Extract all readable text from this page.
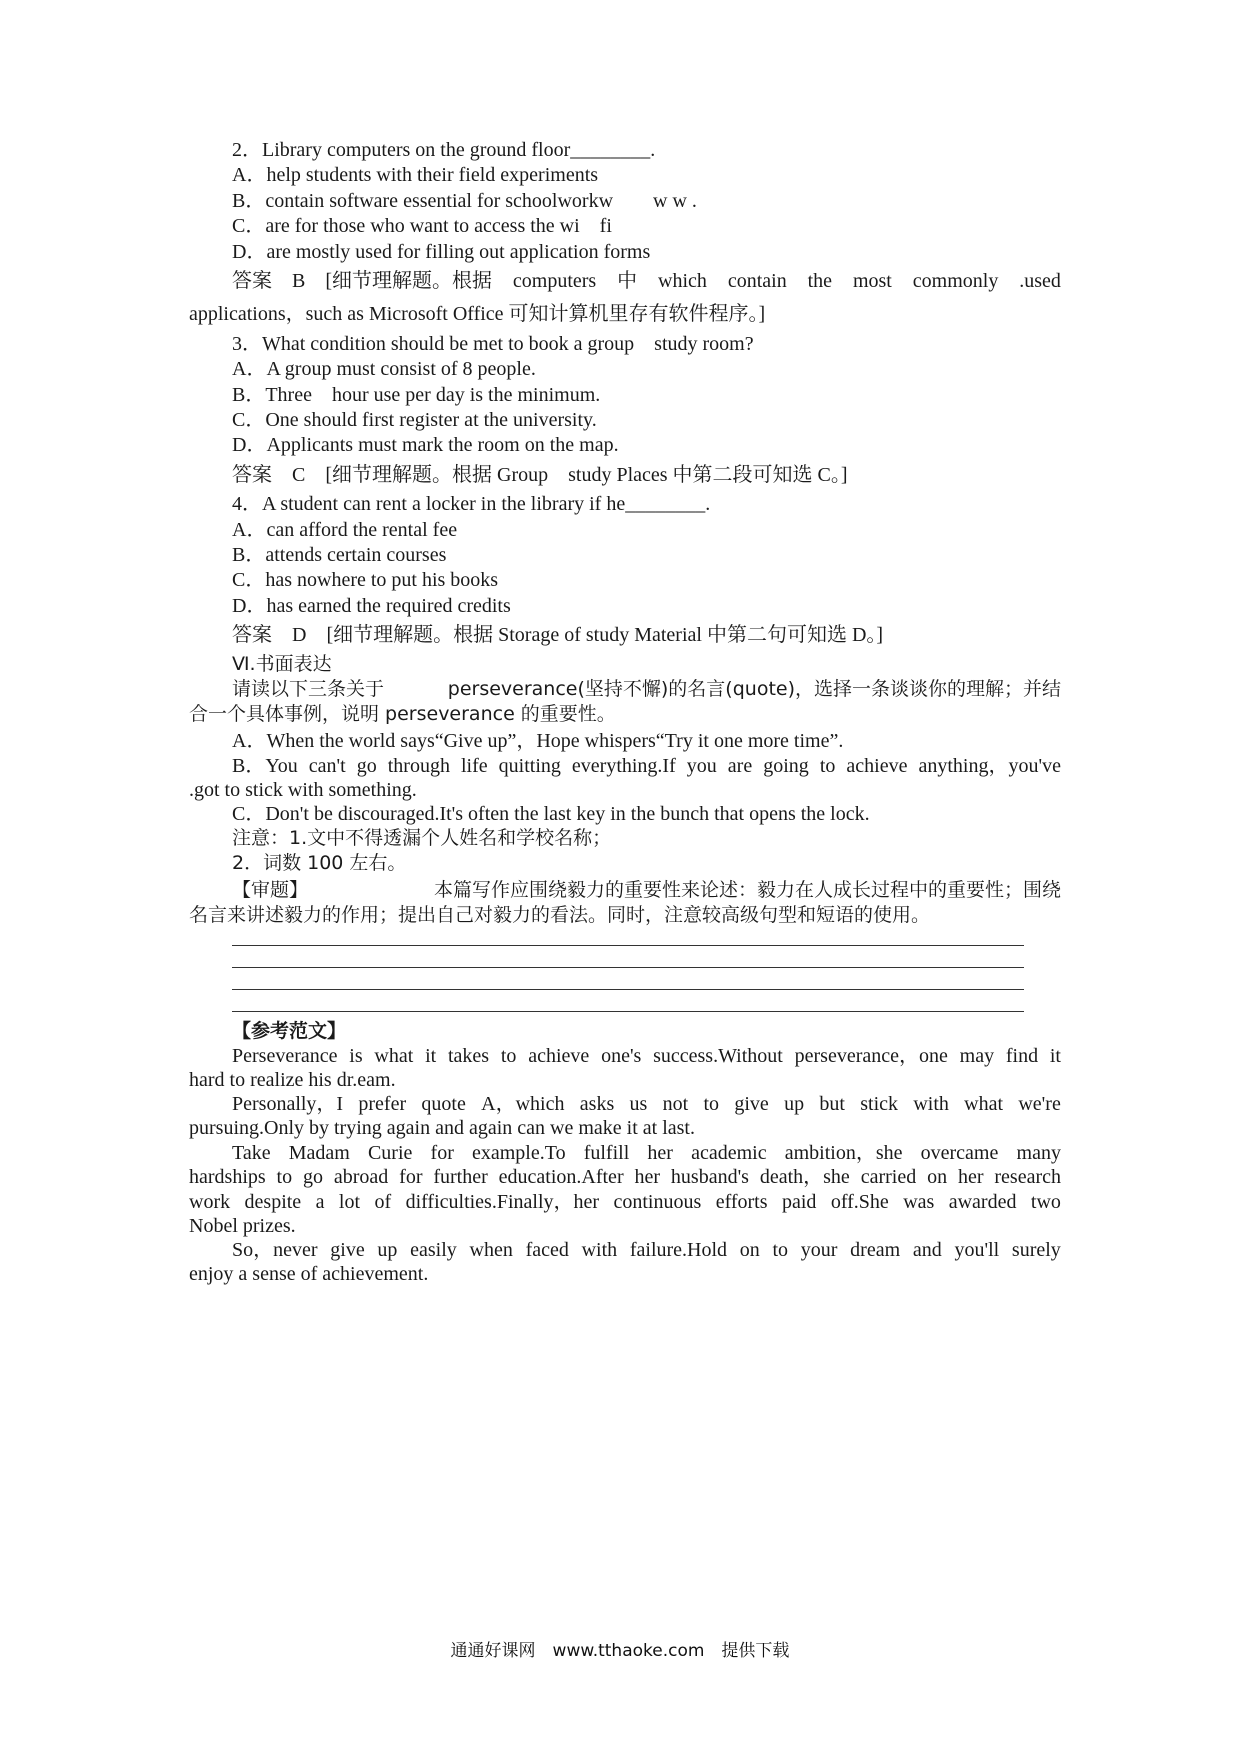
2．Library computers on the ground floor________.
A．help students with their field experiments
B．contain software essential for schoolworkw　　w w .
C．are for those who want to access the wi　fi
D．are mostly used for filling out application forms
答案　B　[细节理解题。根据 computers 中 which contain the most commonly .used
applications，such as Microsoft Office 可知计算机里存有软件程序。]
3．What condition should be met to book a group　study room?
A．A group must consist of 8 people.
B．Three　hour use per day is the minimum.
C．One should first register at the university.
D．Applicants must mark the room on the map.
答案　C　[细节理解题。根据 Group　study Places 中第二段可知选 C。]
4．A student can rent a locker in the library if he________.
A．can afford the rental fee
B．attends certain courses
C．has nowhere to put his books
D．has earned the required credits
答案　D　[细节理解题。根据 Storage of study Material 中第二句可知选 D。]
Ⅵ.书面表达
请读以下三条关于	perseverance(坚持不懈)的名言(quote)，选择一条谈谈你的理解；并结
合一个具体事例，说明 perseverance 的重要性。
A．When the world says“Give up”，Hope whispers“Try it one more time”.
B．You can't go through life quitting everything.If you are going to achieve anything，you've
.got to stick with something.
C．Don't be discouraged.It's often the last key in the bunch that opens the lock.
注意：1.文中不得透漏个人姓名和学校名称；
2．词数 100 左右。
【审题】	本篇写作应围绕毅力的重要性来论述：毅力在人成长过程中的重要性；围绕
名言来讲述毅力的作用；提出自己对毅力的看法。同时，注意较高级句型和短语的使用。
【参考范文】
Perseverance is what it takes to achieve one's success.Without perseverance，one may find it
hard to realize his dr.eam.
Personally，I prefer quote A，which asks us not to give up but stick with what we're
pursuing.Only by trying again and again can we make it at last.
Take Madam Curie for example.To fulfill her academic ambition，she overcame many
hardships to go abroad for further education.After her husband's death，she carried on her research
work despite a lot of difficulties.Finally，her continuous efforts paid off.She was awarded two
Nobel prizes.
So，never give up easily when faced with failure.Hold on to your dream and you'll surely
enjoy a sense of achievement.
通通好课网　www.tthaoke.com　提供下载
